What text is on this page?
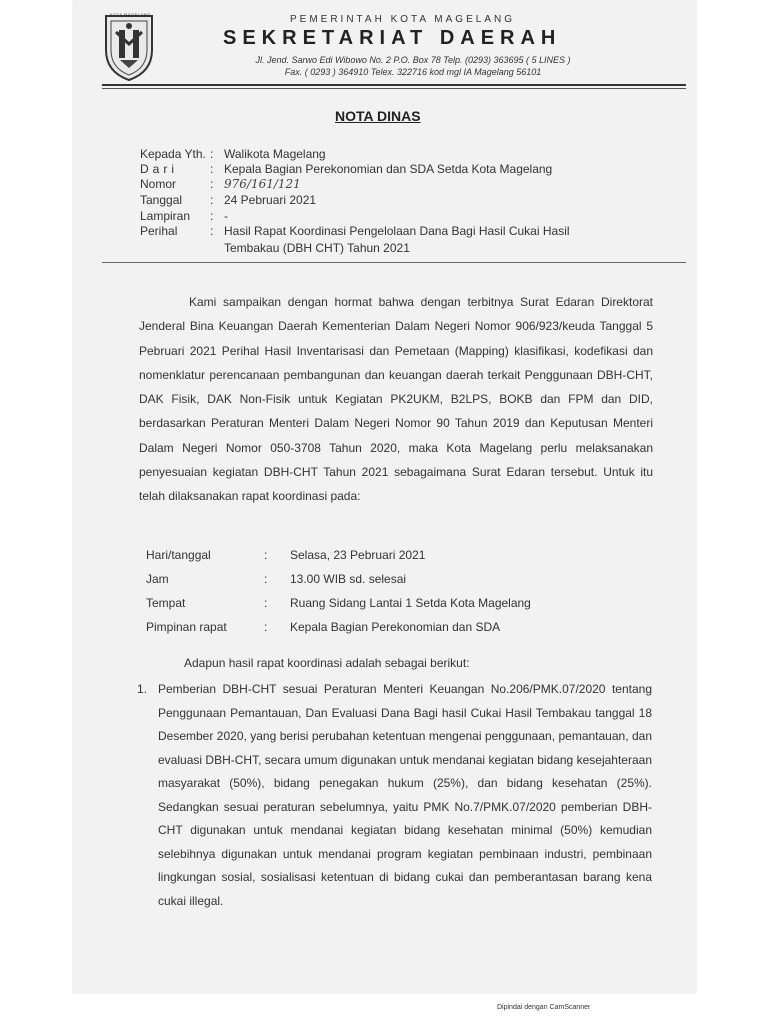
KOTA MAGELANG	PEMERINTAH KOTA MAGELANG
SEKRETARIAT DAERAH
Jl. Jend. Sarwo Edi Wibowo No. 2 P.O. Box 78 Telp. (0293) 363695 ( 5 LINES )
Fax. ( 0293 ) 364910 Telex. 322716 kod mgl IA Magelang 56101
NOTA DINAS
Kepada Yth. : Walikota Magelang
Dari	: Kepala Bagian Perekonomian dan SDA Setda Kota Magelang
Nomor	: 976/161/121
Tanggal	: 24 Pebruari 2021
Lampiran	: -
Perihal	: Hasil Rapat Koordinasi Pengelolaan Dana Bagi Hasil Cukai Hasil
Tembakau (DBH CHT) Tahun 2021
Kami sampaikan dengan hormat bahwa dengan terbitnya Surat Edaran Direktorat Jenderal Bina Keuangan Daerah Kementerian Dalam Negeri Nomor 906/923/keuda Tanggal 5 Pebruari 2021 Perihal Hasil Inventarisasi dan Pemetaan (Mapping) klasifikasi, kodefikasi dan nomenklatur perencanaan pembangunan dan keuangan daerah terkait Penggunaan DBH-CHT, DAK Fisik, DAK Non-Fisik untuk Kegiatan PK2UKM, B2LPS, BOKB dan FPM dan DID, berdasarkan Peraturan Menteri Dalam Negeri Nomor 90 Tahun 2019 dan Keputusan Menteri Dalam Negeri Nomor 050-3708 Tahun 2020, maka Kota Magelang perlu melaksanakan penyesuaian kegiatan DBH-CHT Tahun 2021 sebagaimana Surat Edaran tersebut. Untuk itu telah dilaksanakan rapat koordinasi pada:
Hari/tanggal	: Selasa, 23 Pebruari 2021
Jam	: 13.00 WIB sd. selesai
Tempat	: Ruang Sidang Lantai 1 Setda Kota Magelang
Pimpinan rapat	: Kepala Bagian Perekonomian dan SDA
Adapun hasil rapat koordinasi adalah sebagai berikut:
1. Pemberian DBH-CHT sesuai Peraturan Menteri Keuangan No.206/PMK.07/2020 tentang Penggunaan Pemantauan, Dan Evaluasi Dana Bagi hasil Cukai Hasil Tembakau tanggal 18 Desember 2020, yang berisi perubahan ketentuan mengenai penggunaan, pemantauan, dan evaluasi DBH-CHT, secara umum digunakan untuk mendanai kegiatan bidang kesejahteraan masyarakat (50%), bidang penegakan hukum (25%), dan bidang kesehatan (25%). Sedangkan sesuai peraturan sebelumnya, yaitu PMK No.7/PMK.07/2020 pemberian DBH-CHT digunakan untuk mendanai kegiatan bidang kesehatan minimal (50%) kemudian selebihnya digunakan untuk mendanai program kegiatan pembinaan industri, pembinaan lingkungan sosial, sosialisasi ketentuan di bidang cukai dan pemberantasan barang kena cukai illegal.
Dipindai dengan CamScanner
